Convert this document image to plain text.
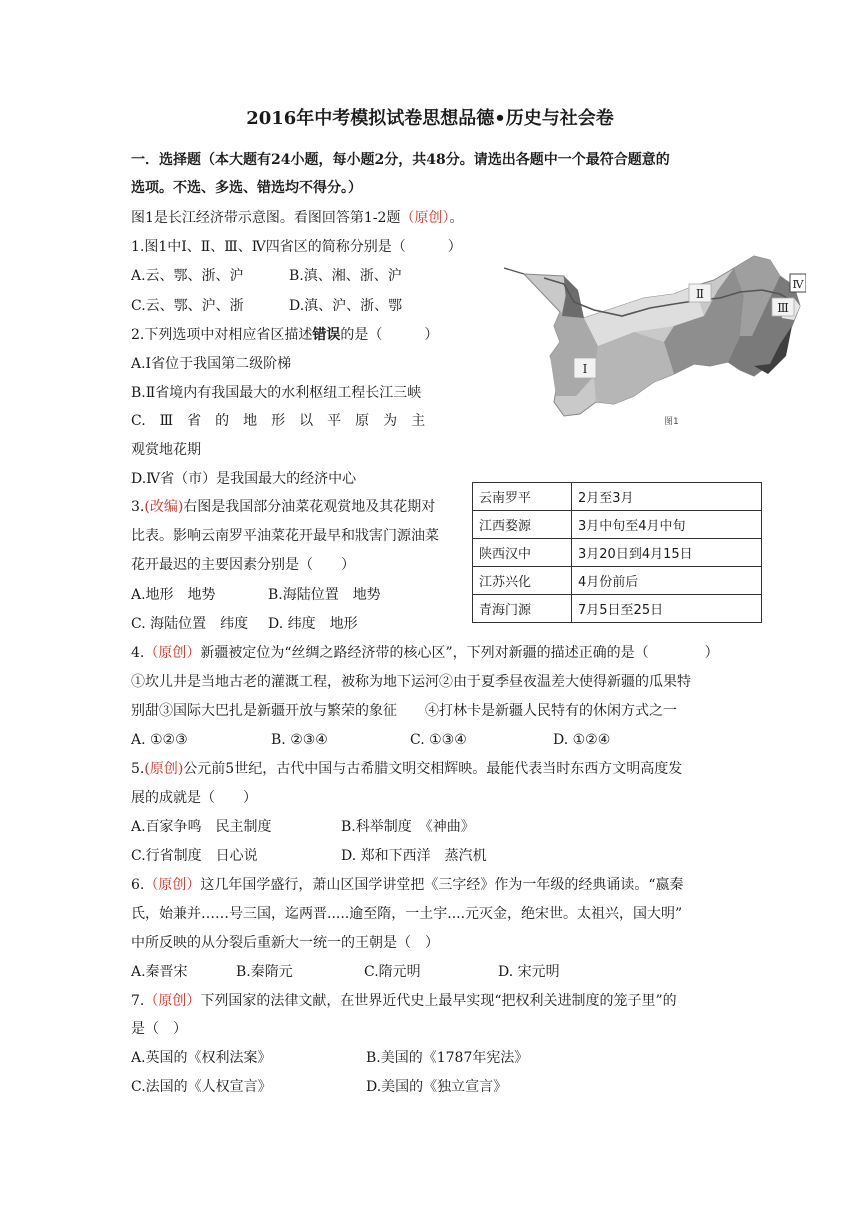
2016年中考模拟试卷思想品德•历史与社会卷
一．选择题（本大题有24小题，每小题2分，共48分。请选出各题中一个最符合题意的
选项。不选、多选、错选均不得分。）
图1是长江经济带示意图。看图回答第1-2题（原创）。
1.图1中Ⅰ、Ⅱ、Ⅲ、Ⅳ四省区的简称分别是（　　　）
A.云、鄂、浙、沪	B.滇、湘、浙、沪
C.云、鄂、沪、浙	D.滇、沪、浙、鄂
2.下列选项中对相应省区描述错误的是（　　　）
A.Ⅰ省位于我国第二级阶梯
B.Ⅱ省境内有我国最大的水利枢纽工程长江三峡
C.　Ⅲ　省　的　地　形　以　平　原　为　主
观赏地花期
D.Ⅳ省（市）是我国最大的经济中心
Ⅰ
Ⅱ
Ⅲ
Ⅳ
图1
3.(改编)右图是我国部分油菜花观赏地及其花期对
比表。影响云南罗平油菜花开最早和戕害门源油菜
花开最迟的主要因素分别是（　　）
A.地形　地势	B.海陆位置　地势
C. 海陆位置　纬度 D. 纬度　地形
云南罗平	2月至3月
江西婺源	3月中旬至4月中旬
陕西汉中	3月20日到4月15日
江苏兴化	4月份前后
青海门源	7月5日至25日
4.（原创）新疆被定位为“丝绸之路经济带的核心区”，下列对新疆的描述正确的是（　　　　）
①坎儿井是当地古老的灌溉工程，被称为地下运河②由于夏季昼夜温差大使得新疆的瓜果特
别甜③国际大巴扎是新疆开放与繁荣的象征　　④打林卡是新疆人民特有的休闲方式之一
A. ①②③	B. ②③④	C. ①③④	D. ①②④
5.(原创)公元前5世纪，古代中国与古希腊文明交相辉映。最能代表当时东西方文明高度发
展的成就是（　　）
A.百家争鸣　民主制度	B.科举制度　《神曲》
C.行省制度　日心说	D. 郑和下西洋　蒸汽机
6.（原创）这几年国学盛行，萧山区国学讲堂把《三字经》作为一年级的经典诵读。“嬴秦
氏，始兼并……号三国，迄两晋.....逾至隋，一土宇....元灭金，绝宋世。太祖兴，国大明”
中所反映的从分裂后重新大一统一的王朝是（　）
A.秦晋宋	B.秦隋元	C.隋元明	D. 宋元明
7.（原创）下列国家的法律文献，在世界近代史上最早实现“把权利关进制度的笼子里”的
是（　）
A.英国的《权利法案》	B.美国的《1787年宪法》
C.法国的《人权宣言》	D.美国的《独立宣言》
